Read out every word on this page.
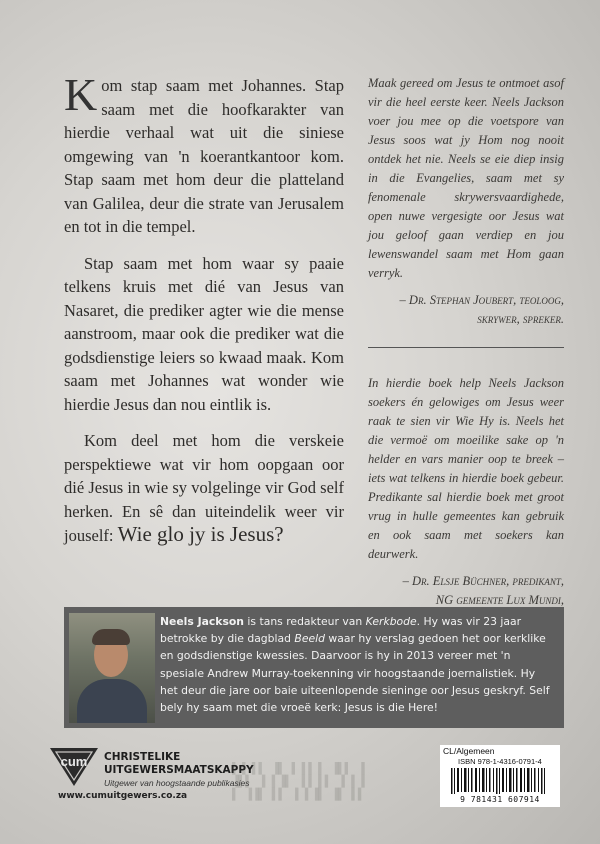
Kom stap saam met Johannes. Stap saam met die hoofkarakter van hierdie verhaal wat uit die siniese omgewing van 'n koerantkantoor kom. Stap saam met hom deur die platteland van Galilea, deur die strate van Jerusalem en tot in die tempel.

Stap saam met hom waar sy paaie telkens kruis met dié van Jesus van Nasaret, die prediker agter wie die mense aanstroom, maar ook die prediker wat die godsdienstige leiers so kwaad maak. Kom saam met Johannes wat wonder wie hierdie Jesus dan nou eintlik is.

Kom deel met hom die verskeie perspektiewe wat vir hom oopgaan oor dié Jesus in wie sy volgelinge vir God self herken. En sê dan uiteindelik weer vir jouself: Wie glo jy is Jesus?

Maak gereed om Jesus te ontmoet asof vir die heel eerste keer. Neels Jackson voer jou mee op die voetspore van Jesus soos wat jy Hom nog nooit ontdek het nie. Neels se eie diep insig in die Evangelies, saam met sy fenomenale skrywersvaardighede, open nuwe vergesigte oor Jesus wat jou geloof gaan verdiep en jou lewenswandel saam met Hom gaan verryk.

– Dr. Stephan Joubert, teoloog,
skrywer, spreker.

In hierdie boek help Neels Jackson soekers én gelowiges om Jesus weer raak te sien vir Wie Hy is. Neels het die vermoë om moeilike sake op 'n helder en vars manier oop te breek – iets wat telkens in hierdie boek gebeur. Predikante sal hierdie boek met groot vrug in hulle gemeentes kan gebruik en ook saam met soekers kan deurwerk.

– Dr. Elsje Büchner, predikant,
NG gemeente Lux Mundi,

Neels Jackson is tans redakteur van Kerkbode. Hy was vir 23 jaar betrokke by die dagblad Beeld waar hy verslag gedoen het oor kerklike en godsdienstige kwessies. Daarvoor is hy in 2013 vereer met 'n spesiale Andrew Murray-toekenning vir hoogstaande joernalistiek. Hy het deur die jare oor baie uiteenlopende sieninge oor Jesus geskryf. Self bely hy saam met die vroeë kerk: Jesus is die Here!
cum CHRISTELIKE
UITGEWERSMAATSKAPPY
Uitgewer van hoogstaande publikasies
www.cumuitgewers.co.za
▌▐ ▌▌ ▐▌ ▌▐▐ ▌ ▐▌▌ ▐
▐▌▌ ▐ ▌▐▌ ▐▐ ▌▌ ▐ ▌▐
▌ ▐▐▌ ▌▌ ▐ ▌▐▌ ▐▌ ▌▌
CL/Algemeen
ISBN 978-1-4316-0791-4
9 781431 607914
